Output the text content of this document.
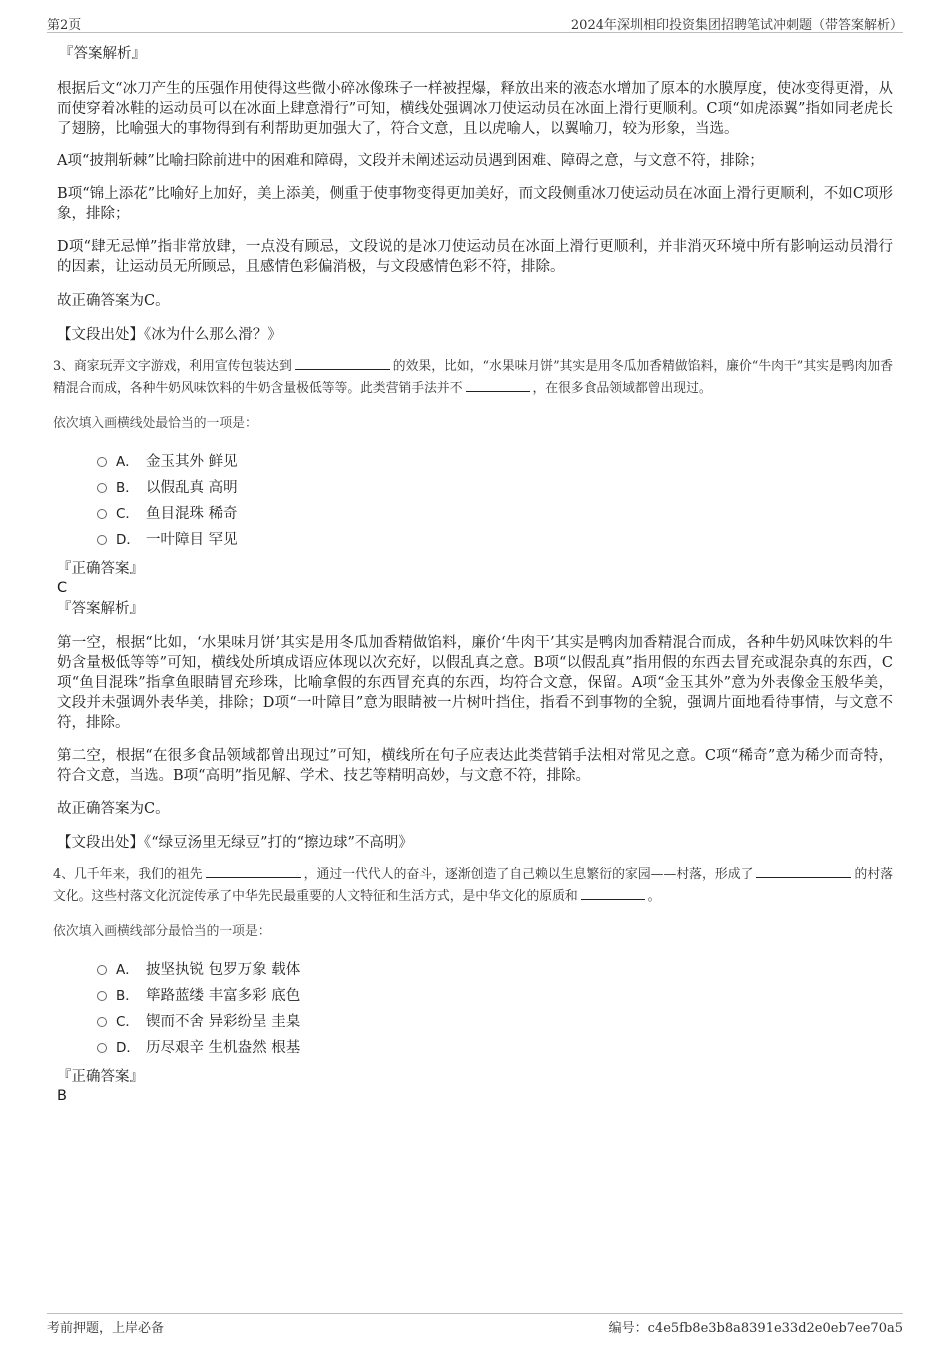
第2页	2024年深圳相印投资集团招聘笔试冲刺题（带答案解析）
『答案解析』

根据后文“冰刀产生的压强作用使得这些微小碎冰像珠子一样被捏爆，释放出来的液态水增加了原本的水膜厚度，使冰变得更滑，从而使穿着冰鞋的运动员可以在冰面上肆意滑行”可知，横线处强调冰刀使运动员在冰面上滑行更顺利。C项“如虎添翼”指如同老虎长了翅膀，比喻强大的事物得到有利帮助更加强大了，符合文意，且以虎喻人，以翼喻刀，较为形象，当选。

A项“披荆斩棘”比喻扫除前进中的困难和障碍，文段并未阐述运动员遇到困难、障碍之意，与文意不符，排除；

B项“锦上添花”比喻好上加好，美上添美，侧重于使事物变得更加美好，而文段侧重冰刀使运动员在冰面上滑行更顺利，不如C项形象，排除；

D项“肆无忌惮”指非常放肆，一点没有顾忌，文段说的是冰刀使运动员在冰面上滑行更顺利，并非消灭环境中所有影响运动员滑行的因素，让运动员无所顾忌，且感情色彩偏消极，与文段感情色彩不符，排除。

故正确答案为C。

【文段出处】《冰为什么那么滑？》

3、商家玩弄文字游戏，利用宣传包装达到	的效果，比如，“水果味月饼”其实是用冬瓜加香精做馅料，廉价“牛肉干”其实是鸭肉加香精混合而成，各种牛奶风味饮料的牛奶含量极低等等。此类营销手法并不	，在很多食品领域都曾出现过。

依次填入画横线处最恰当的一项是：
A． 金玉其外 鲜见
B． 以假乱真 高明
C． 鱼目混珠 稀奇
D． 一叶障目 罕见
『正确答案』
C
『答案解析』

第一空，根据“比如，‘水果味月饼’其实是用冬瓜加香精做馅料，廉价‘牛肉干’其实是鸭肉加香精混合而成，各种牛奶风味饮料的牛奶含量极低等等”可知，横线处所填成语应体现以次充好，以假乱真之意。B项“以假乱真”指用假的东西去冒充或混杂真的东西，C项“鱼目混珠”指拿鱼眼睛冒充珍珠，比喻拿假的东西冒充真的东西，均符合文意，保留。A项“金玉其外”意为外表像金玉般华美，文段并未强调外表华美，排除；D项“一叶障目”意为眼睛被一片树叶挡住，指看不到事物的全貌，强调片面地看待事情，与文意不符，排除。

第二空，根据“在很多食品领域都曾出现过”可知，横线所在句子应表达此类营销手法相对常见之意。C项“稀奇”意为稀少而奇特，符合文意，当选。B项“高明”指见解、学术、技艺等精明高妙，与文意不符，排除。

故正确答案为C。

【文段出处】《“绿豆汤里无绿豆”打的“擦边球”不高明》

4、几千年来，我们的祖先	，通过一代代人的奋斗，逐渐创造了自己赖以生息繁衍的家园——村落，形成了	的村落文化。这些村落文化沉淀传承了中华先民最重要的人文特征和生活方式，是中华文化的原质和	。

依次填入画横线部分最恰当的一项是：
A． 披坚执锐 包罗万象 载体
B． 筚路蓝缕 丰富多彩 底色
C． 锲而不舍 异彩纷呈 圭臬
D． 历尽艰辛 生机盎然 根基
『正确答案』
B
考前押题，上岸必备	编号：c4e5fb8e3b8a8391e33d2e0eb7ee70a5
